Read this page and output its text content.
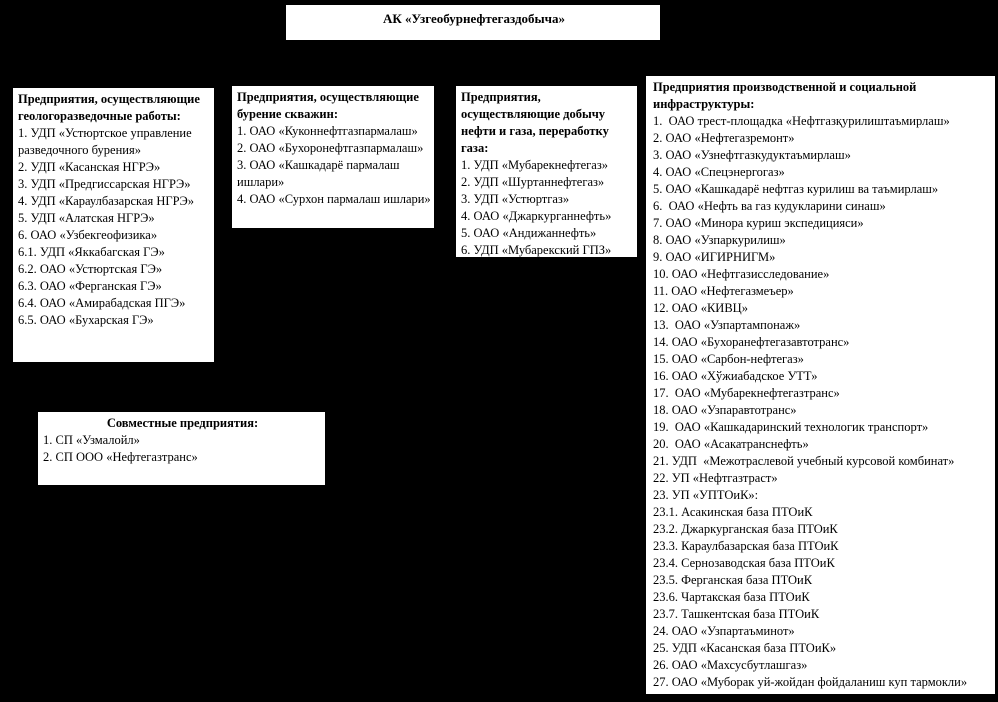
АК «Узгеобурнефтегаздобыча»
Предприятия, осуществляющие геологоразведочные работы:
1. УДП «Устюртское управление разведочного бурения»
2. УДП «Касанская НГРЭ»
3. УДП «Предгиссарская НГРЭ»
4. УДП «Караулбазарская НГРЭ»
5. УДП «Алатская НГРЭ»
6. ОАО «Узбекгеофизика»
6.1. УДП «Яккабагская ГЭ»
6.2. ОАО «Устюртская ГЭ»
6.3. ОАО «Ферганская ГЭ»
6.4. ОАО «Амирабадская ПГЭ»
6.5. ОАО «Бухарская ГЭ»
Предприятия, осуществляющие бурение скважин:
1. ОАО «Куконнефтгазпармалаш»
2. ОАО «Бухоронефтгазпармалаш»
3. ОАО «Кашкадарё пармалаш ишлари»
4. ОАО «Сурхон пармалаш ишлари»
Предприятия, осуществляющие добычу нефти и газа, переработку газа:
1. УДП «Мубарекнефтегаз»
2. УДП «Шуртаннефтегаз»
3. УДП «Устюртгаз»
4. ОАО «Джаркурганнефть»
5. ОАО «Андижаннефть»
6. УДП «Мубарекский ГПЗ»
Предприятия производственной и социальной инфраструктуры:
1.  ОАО трест-площадка «Нефтгазқурилиштаъмирлаш»
2. ОАО «Нефтегазремонт»
3. ОАО «Узнефтгазкудуктаъмирлаш»
4. ОАО «Спецэнергогаз»
5. ОАО «Кашкадарё нефтгаз курилиш ва таъмирлаш»
6.  ОАО «Нефть ва газ кудукларини синаш»
7. ОАО «Минора куриш экспедицияси»
8. ОАО «Узпаркурилиш»
9. ОАО «ИГИРНИГМ»
10. ОАО «Нефтгазисследование»
11. ОАО «Нефтегазмеъер»
12. ОАО «КИВЦ»
13.  ОАО «Узпартампонаж»
14. ОАО «Бухоранефтегазавтотранс»
15. ОАО «Сарбон-нефтегаз»
16. ОАО «Хўжиабадское УТТ»
17.  ОАО «Мубарекнефтегазтранс»
18. ОАО «Узпаравтотранс»
19.  ОАО «Кашкадаринский технологик транспорт»
20.  ОАО «Асакатранснефть»
21. УДП  «Межотраслевой учебный курсовой комбинат»
22. УП «Нефтгазтраст»
23. УП «УПТОиК»:
23.1. Асакинская база ПТОиК
23.2. Джаркурганская база ПТОиК
23.3. Караулбазарская база ПТОиК
23.4. Сернозаводская база ПТОиК
23.5. Ферганская база ПТОиК
23.6. Чартакская база ПТОиК
23.7. Ташкентская база ПТОиК
24. ОАО «Узпартаъминот»
25. УДП «Касанская база ПТОиК»
26. ОАО «Махсусбутлашгаз»
27. ОАО «Муборак уй-жойдан фойдаланиш куп тармокли»
Совместные предприятия:
1. СП «Узмалойл»
2. СП ООО «Нефтегазтранс»
